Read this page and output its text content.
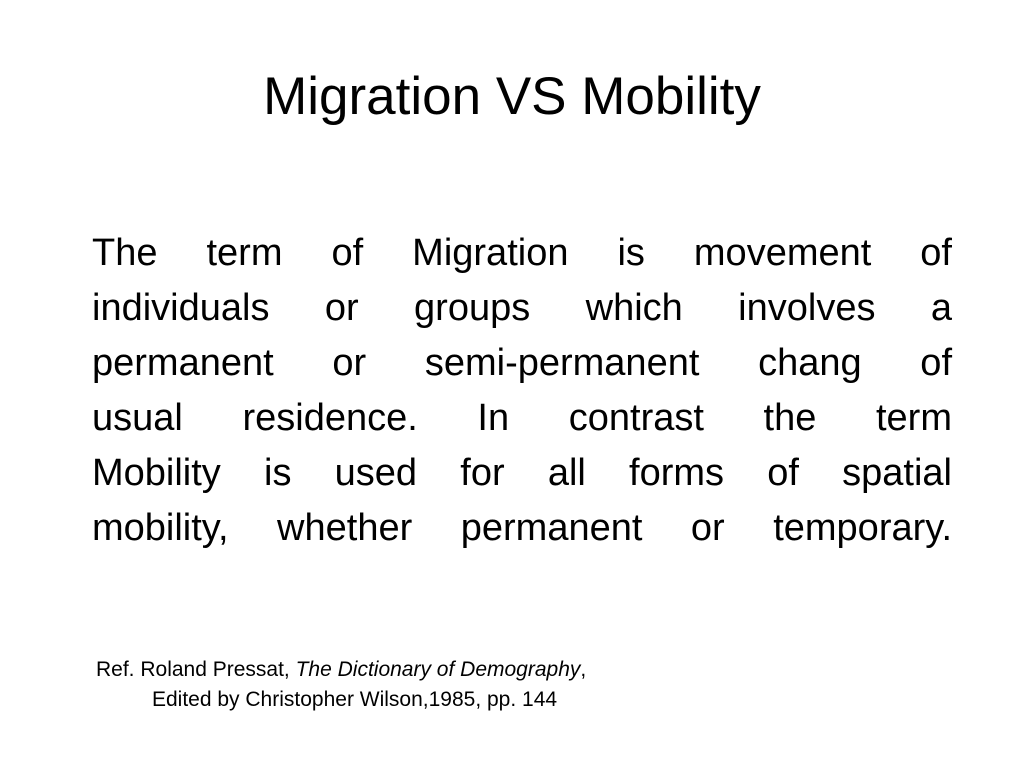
Migration VS Mobility
The term of Migration is movement of
individuals or groups which involves a
permanent or semi-permanent chang of
usual residence. In contrast the term
Mobility is used for all forms of spatial
mobility, whether permanent or temporary.
Ref. Roland Pressat, The Dictionary of Demography,
Edited by Christopher Wilson,1985, pp. 144
